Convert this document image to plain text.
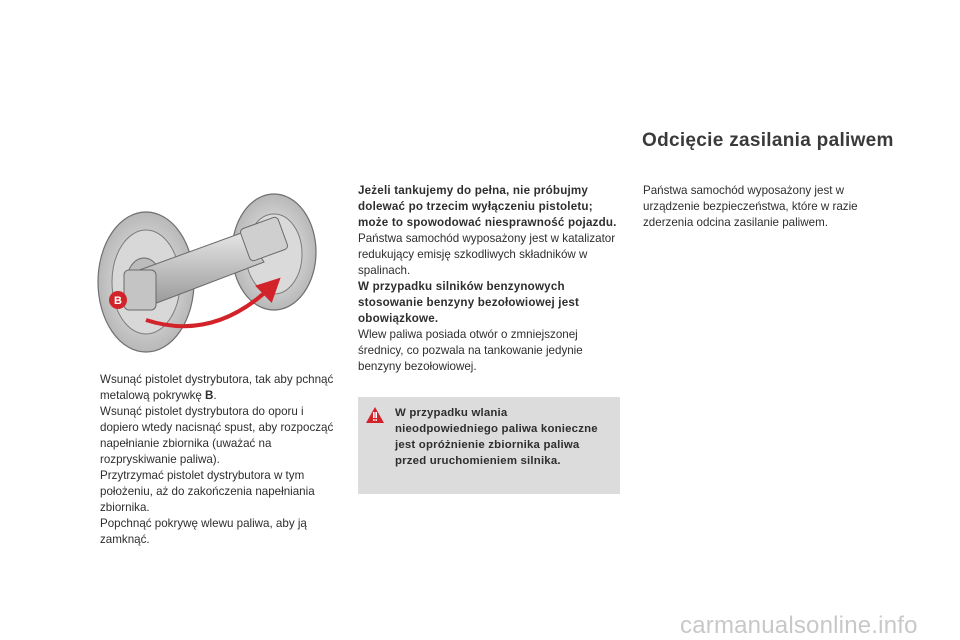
B

Wsunąć pistolet dystrybutora, tak aby pchnąć metalową pokrywkę B.

Wsunąć pistolet dystrybutora do oporu i dopiero wtedy nacisnąć spust, aby rozpocząć napełnianie zbiornika (uważać na rozpryskiwanie paliwa).

Przytrzymać pistolet dystrybutora w tym położeniu, aż do zakończenia napełniania zbiornika.

Popchnąć pokrywę wlewu paliwa, aby ją zamknąć.

Jeżeli tankujemy do pełna, nie próbujmy dolewać po trzecim wyłączeniu pistoletu; może to spowodować niesprawność pojazdu.

Państwa samochód wyposażony jest w katalizator redukujący emisję szkodliwych składników w spalinach.

W przypadku silników benzynowych stosowanie benzyny bezołowiowej jest obowiązkowe.

Wlew paliwa posiada otwór o zmniejszonej średnicy, co pozwala na tankowanie jedynie benzyny bezołowiowej.

W przypadku wlania nieodpowiedniego paliwa konieczne jest opróżnienie zbiornika paliwa przed uruchomieniem silnika.
Odcięcie zasilania paliwem
Państwa samochód wyposażony jest w urządzenie bezpieczeństwa, które w razie zderzenia odcina zasilanie paliwem.
carmanualsonline.info
